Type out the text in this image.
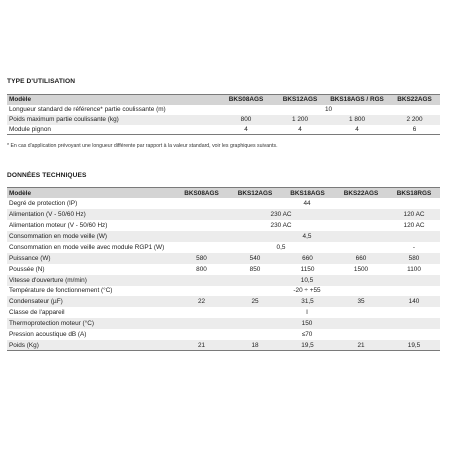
TYPE D'UTILISATION
Modèle	BKS08AGS	BKS12AGS	BKS18AGS / RGS	BKS22AGS
Longueur standard de référence* partie coulissante (m)	10			
Poids maximum partie coulissante (kg)	800	1 200	1 800	2 200
Module pignon	4	4	4	6
* En cas d'application prévoyant une longueur différente par rapport à la valeur standard, voir les graphiques suivants.
DONNÉES TECHNIQUES
Modèle	BKS08AGS	BKS12AGS	BKS18AGS	BKS22AGS	BKS18RGS
Degré de protection (IP)	44				
Alimentation (V - 50/60 Hz)	230 AC				120 AC
Alimentation moteur (V - 50/60 Hz)	230 AC				120 AC
Consommation en mode veille (W)	4,5				
Consommation en mode veille avec module RGP1 (W)	0,5				-
Puissance (W)	580	540	660	660	580
Poussée (N)	800	850	1150	1500	1100
Vitesse d'ouverture (m/min)	10,5				
Température de fonctionnement (°C)	-20 ÷ +55				
Condensateur (µF)	22	25	31,5	35	140
Classe de l'appareil	I				
Thermoprotection moteur (°C)	150				
Pression acoustique dB (A)	≤70				
Poids (Kg)	21	18	19,5	21	19,5
